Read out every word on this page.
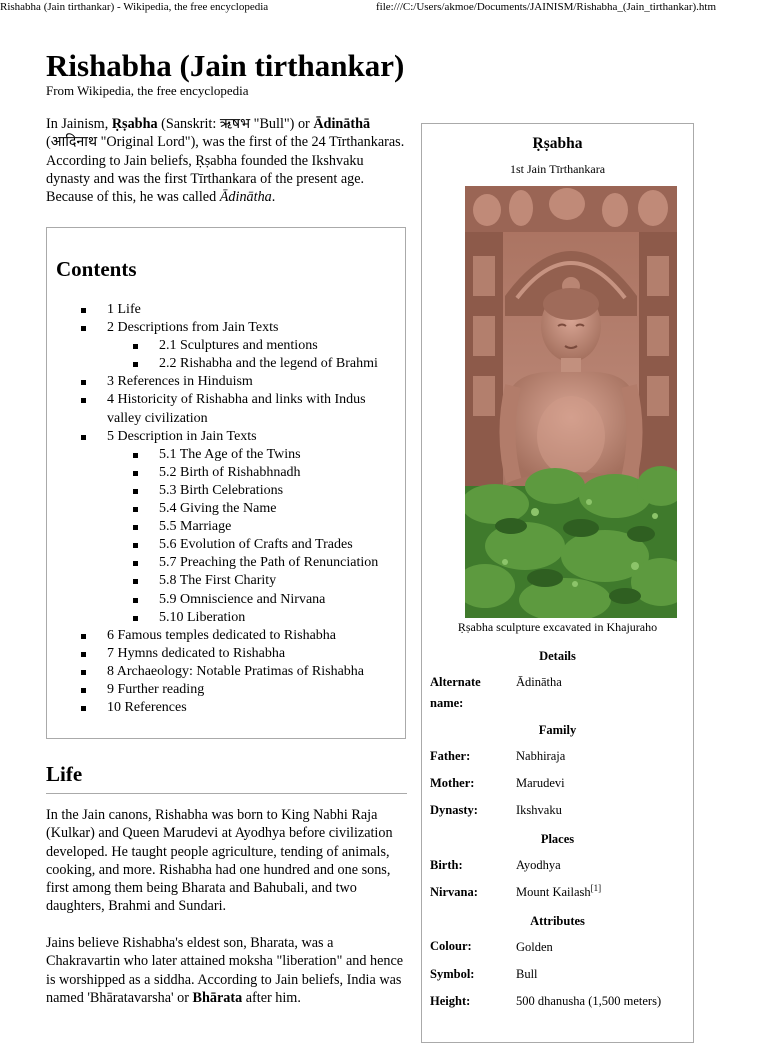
Rishabha (Jain tirthankar) - Wikipedia, the free encyclopedia	file:///C:/Users/akmoe/Documents/JAINISM/Rishabha_(Jain_tirthankar).htm
Rishabha (Jain tirthankar)
From Wikipedia, the free encyclopedia

In Jainism, Ṛṣabha (Sanskrit: ऋषभ "Bull") or Ādināthā (आदिनाथ "Original Lord"), was the first of the 24 Tīrthankaras. According to Jain beliefs, Ṛṣabha founded the Ikshvaku dynasty and was the first Tīrthankara of the present age. Because of this, he was called Ādinātha.

Contents
1 Life
2 Descriptions from Jain Texts
2.1 Sculptures and mentions
2.2 Rishabha and the legend of Brahmi
3 References in Hinduism
4 Historicity of Rishabha and links with Indus valley civilization
5 Description in Jain Texts
5.1 The Age of the Twins
5.2 Birth of Rishabhnadh
5.3 Birth Celebrations
5.4 Giving the Name
5.5 Marriage
5.6 Evolution of Crafts and Trades
5.7 Preaching the Path of Renunciation
5.8 The First Charity
5.9 Omniscience and Nirvana
5.10 Liberation
6 Famous temples dedicated to Rishabha
7 Hymns dedicated to Rishabha
8 Archaeology: Notable Pratimas of Rishabha
9 Further reading
10 References
Life

In the Jain canons, Rishabha was born to King Nabhi Raja (Kulkar) and Queen Marudevi at Ayodhya before civilization developed. He taught people agriculture, tending of animals, cooking, and more. Rishabha had one hundred and one sons, first among them being Bharata and Bahubali, and two daughters, Brahmi and Sundari.

Jains believe Rishabha's eldest son, Bharata, was a Chakravartin who later attained moksha "liberation" and hence is worshipped as a siddha. According to Jain beliefs, India was named 'Bhāratavarsha' or Bhārata after him.

Ṛṣabha
1st Jain Tīrthankara
Ṛṣabha sculpture excavated in Khajuraho
Details
Alternate name:
Ādinātha
Family
Father:	Nabhiraja
Mother:	Marudevi
Dynasty:	Ikshvaku
Places
Birth:	Ayodhya
Nirvana:	Mount Kailash[1]
Attributes
Colour:	Golden
Symbol:	Bull
Height:	500 dhanusha (1,500 meters)
